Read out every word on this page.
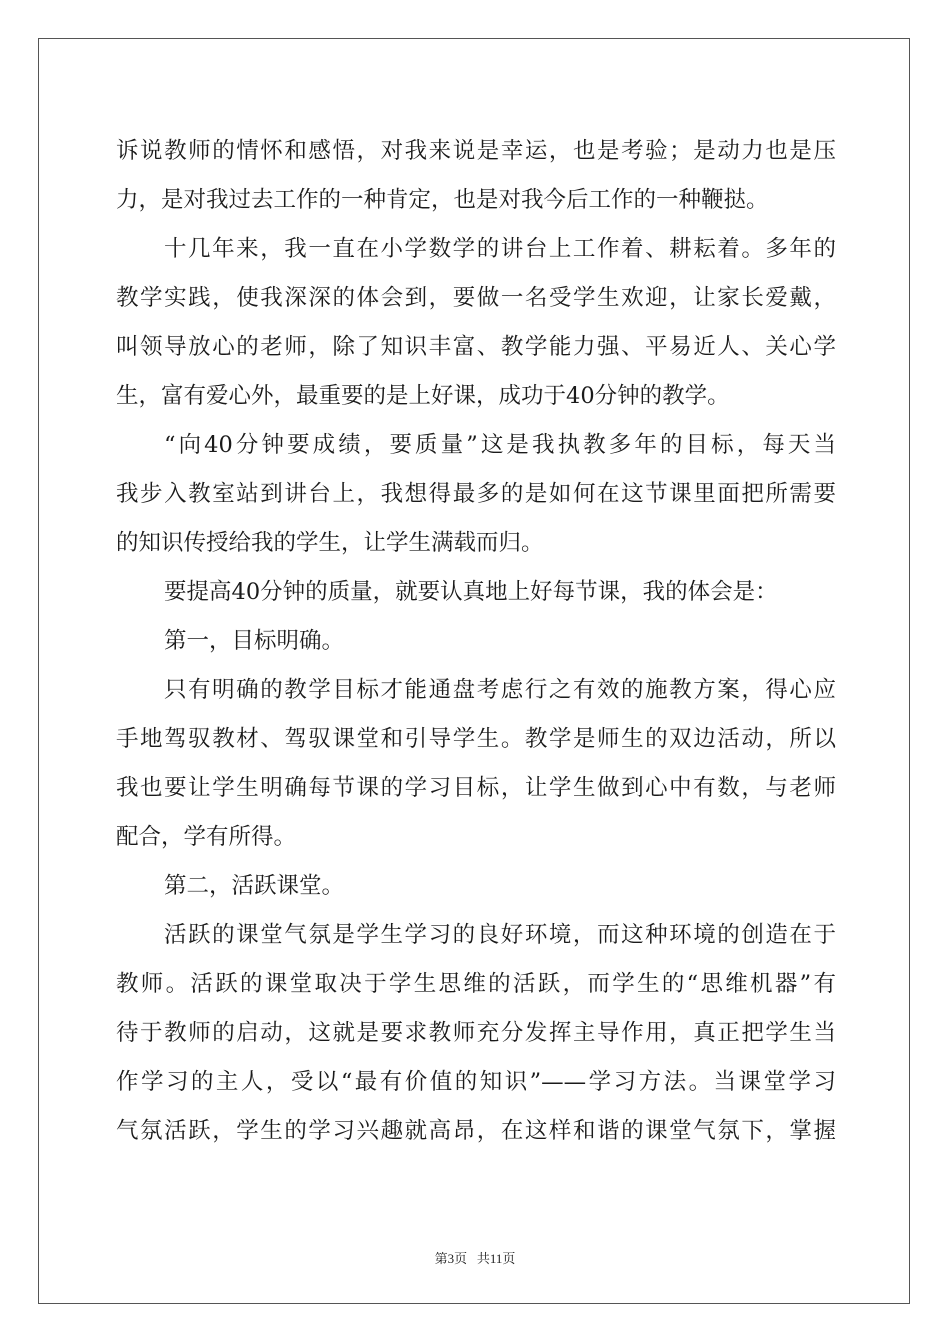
诉说教师的情怀和感悟，对我来说是幸运，也是考验；是动力也是压
力，是对我过去工作的一种肯定，也是对我今后工作的一种鞭挞。
十几年来，我一直在小学数学的讲台上工作着、耕耘着。多年的
教学实践，使我深深的体会到，要做一名受学生欢迎，让家长爱戴，
叫领导放心的老师，除了知识丰富、教学能力强、平易近人、关心学
生，富有爱心外，最重要的是上好课，成功于40分钟的教学。
“向40分钟要成绩，要质量”这是我执教多年的目标，每天当
我步入教室站到讲台上，我想得最多的是如何在这节课里面把所需要
的知识传授给我的学生，让学生满载而归。
要提高40分钟的质量，就要认真地上好每节课，我的体会是：
第一，目标明确。
只有明确的教学目标才能通盘考虑行之有效的施教方案，得心应
手地驾驭教材、驾驭课堂和引导学生。教学是师生的双边活动，所以
我也要让学生明确每节课的学习目标，让学生做到心中有数，与老师
配合，学有所得。
第二，活跃课堂。
活跃的课堂气氛是学生学习的良好环境，而这种环境的创造在于
教师。活跃的课堂取决于学生思维的活跃，而学生的“思维机器”有
待于教师的启动，这就是要求教师充分发挥主导作用，真正把学生当
作学习的主人，受以“最有价值的知识”——学习方法。当课堂学习
气氛活跃，学生的学习兴趣就高昂，在这样和谐的课堂气氛下，掌握
第3页   共11页
